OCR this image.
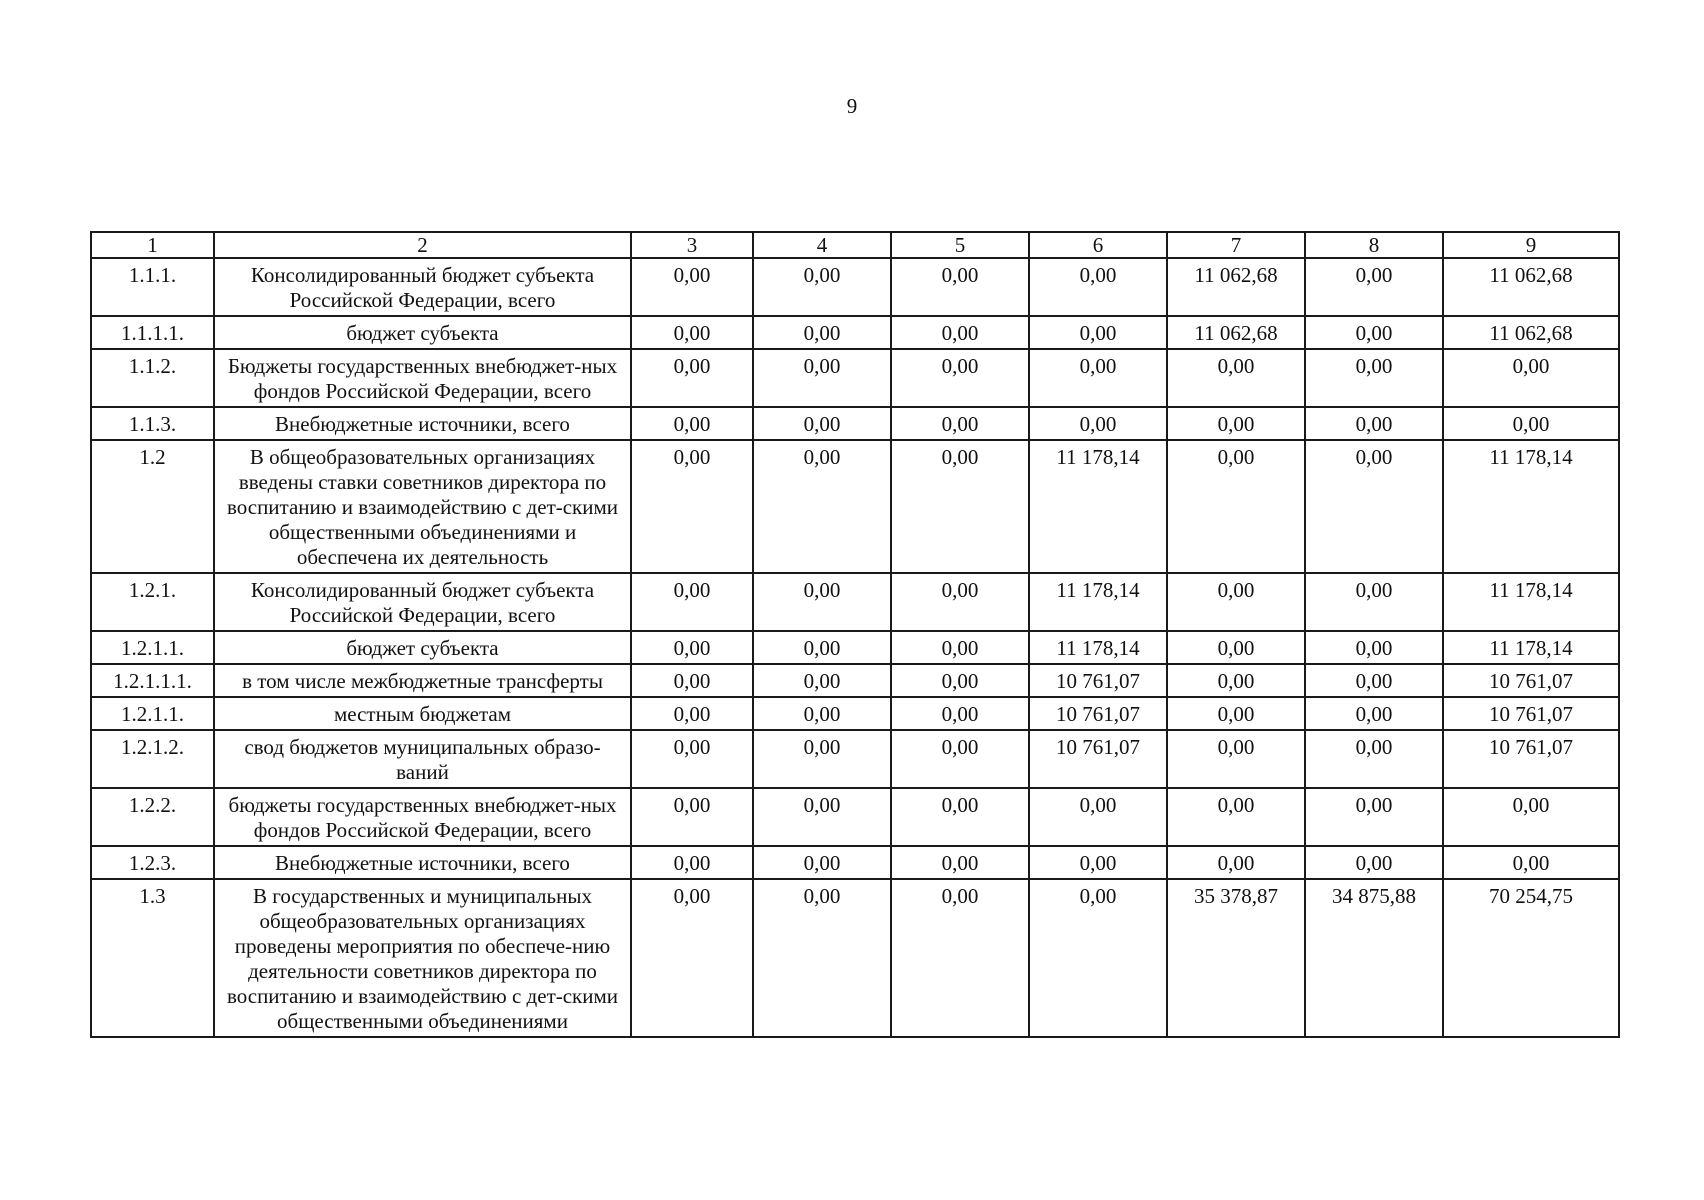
9
1	2	3	4	5	6	7	8	9
1.1.1.	Консолидированный бюджет субъекта Российской Федерации, всего	0,00	0,00	0,00	0,00	11 062,68	0,00	11 062,68
1.1.1.1.	бюджет субъекта	0,00	0,00	0,00	0,00	11 062,68	0,00	11 062,68
1.1.2.	Бюджеты государственных внебюджет-ных фондов Российской Федерации, всего	0,00	0,00	0,00	0,00	0,00	0,00	0,00
1.1.3.	Внебюджетные источники, всего	0,00	0,00	0,00	0,00	0,00	0,00	0,00
1.2	В общеобразовательных организациях введены ставки советников директора по воспитанию и взаимодействию с дет-скими общественными объединениями и обеспечена их деятельность	0,00	0,00	0,00	11 178,14	0,00	0,00	11 178,14
1.2.1.	Консолидированный бюджет субъекта Российской Федерации, всего	0,00	0,00	0,00	11 178,14	0,00	0,00	11 178,14
1.2.1.1.	бюджет субъекта	0,00	0,00	0,00	11 178,14	0,00	0,00	11 178,14
1.2.1.1.1.	в том числе межбюджетные трансферты	0,00	0,00	0,00	10 761,07	0,00	0,00	10 761,07
1.2.1.1.	местным бюджетам	0,00	0,00	0,00	10 761,07	0,00	0,00	10 761,07
1.2.1.2.	свод бюджетов муниципальных образо-ваний	0,00	0,00	0,00	10 761,07	0,00	0,00	10 761,07
1.2.2.	бюджеты государственных внебюджет-ных фондов Российской Федерации, всего	0,00	0,00	0,00	0,00	0,00	0,00	0,00
1.2.3.	Внебюджетные источники, всего	0,00	0,00	0,00	0,00	0,00	0,00	0,00
1.3	В государственных и муниципальных общеобразовательных организациях проведены мероприятия по обеспече-нию деятельности советников директора по воспитанию и взаимодействию с дет-скими общественными объединениями	0,00	0,00	0,00	0,00	35 378,87	34 875,88	70 254,75
